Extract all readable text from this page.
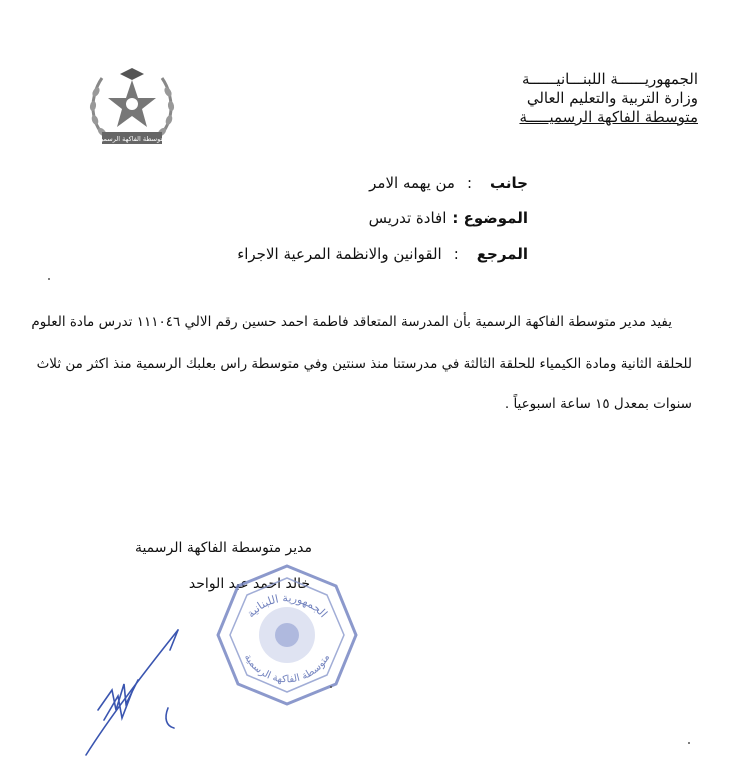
متوسطة الفاكهة الرسمية
الجمهوريــــــة اللبنـــانيــــــة
وزارة التربية والتعليم العالي
متوسطة الفاكهة الرسميـــــة
جانب:من يهمه الامر
الموضوع :افادة تدريس
المرجع:القوانين والانظمة المرعية الاجراء
يفيد مدير متوسطة الفاكهة الرسمية بأن المدرسة المتعاقد فاطمة احمد حسين رقم الالي ١١١٠٤٦ تدرس مادة العلوم
للحلقة الثانية ومادة الكيمياء للحلقة الثالثة في مدرستنا منذ سنتين وفي متوسطة راس بعلبك الرسمية منذ اكثر من ثلاث
سنوات بمعدل ١٥ ساعة اسبوعياً .
مدير متوسطة الفاكهة الرسمية
خالد احمد عبد الواحد
الجمهورية اللبنانية
متوسطة الفاكهة الرسمية
